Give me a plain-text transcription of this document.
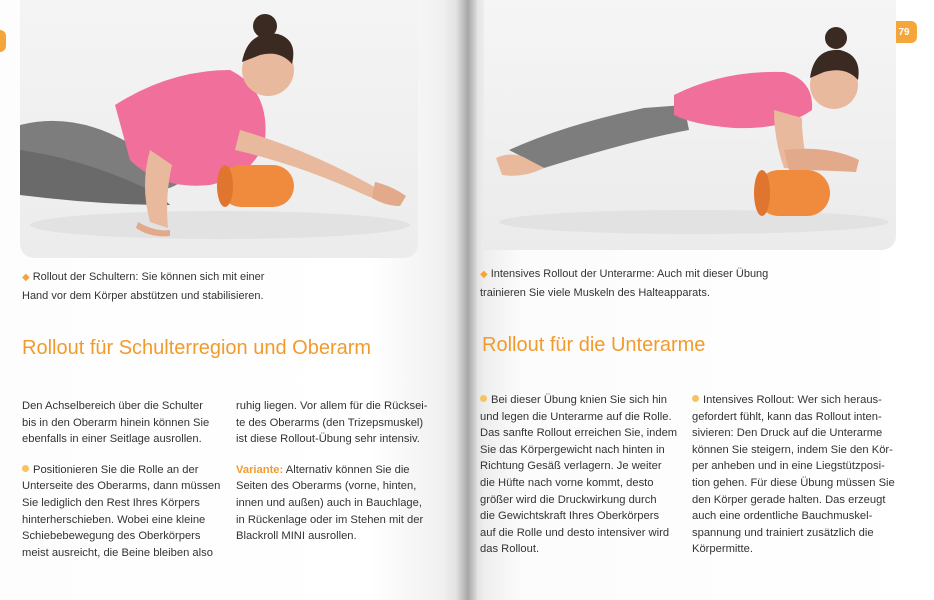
◆ Rollout der Schultern: Sie können sich mit einer
Hand vor dem Körper abstützen und stabilisieren.
Rollout für Schulterregion und Oberarm

Den Achselbereich über die Schulter
bis in den Oberarm hinein können Sie
ebenfalls in einer Seitlage ausrollen.

Positionieren Sie die Rolle an der
Unterseite des Oberarms, dann müssen
Sie lediglich den Rest Ihres Körpers
hinterherschieben. Wobei eine kleine
Schiebebewegung des Oberkörpers
meist ausreicht, die Beine bleiben also

ruhig liegen. Vor allem für die Rücksei-
te des Oberarms (den Trizepsmuskel)
ist diese Rollout-Übung sehr intensiv.

Variante: Alternativ können Sie die
Seiten des Oberarms (vorne, hinten,
innen und außen) auch in Bauchlage,
in Rückenlage oder im Stehen mit der
Blackroll MINI ausrollen.

79
◆ Intensives Rollout der Unterarme: Auch mit dieser Übung
trainieren Sie viele Muskeln des Halteapparats.
Rollout für die Unterarme

Bei dieser Übung knien Sie sich hin
und legen die Unterarme auf die Rolle.
Das sanfte Rollout erreichen Sie, indem
Sie das Körpergewicht nach hinten in
Richtung Gesäß verlagern. Je weiter
die Hüfte nach vorne kommt, desto
größer wird die Druckwirkung durch
die Gewichtskraft Ihres Oberkörpers
auf die Rolle und desto intensiver wird
das Rollout.

Intensives Rollout: Wer sich heraus-
gefordert fühlt, kann das Rollout inten-
sivieren: Den Druck auf die Unterarme
können Sie steigern, indem Sie den Kör-
per anheben und in eine Liegstützposi-
tion gehen. Für diese Übung müssen Sie
den Körper gerade halten. Das erzeugt
auch eine ordentliche Bauchmuskel-
spannung und trainiert zusätzlich die
Körpermitte.
